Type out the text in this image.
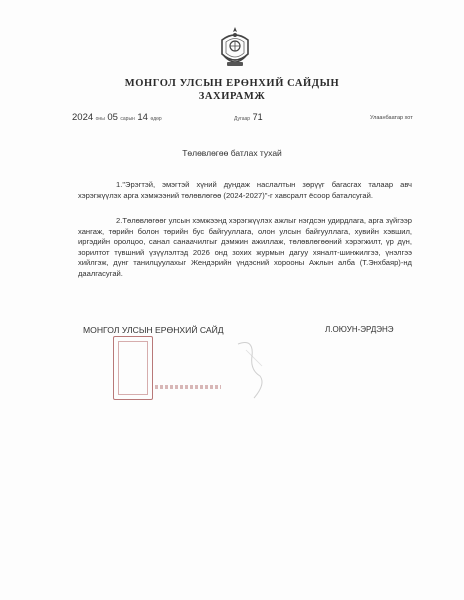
МОНГОЛ УЛСЫН ЕРӨНХИЙ САЙДЫН
ЗАХИРАМЖ
2024 оны 05 сарын 14 өдөр	Дугаар 71	Улаанбаатар хот
Төлөвлөгөө батлах тухай

1."Эрэгтэй, эмэгтэй хүний дундаж наслалтын зөрүүг багасгах талаар авч хэрэгжүүлэх арга хэмжээний төлөвлөгөө (2024-2027)"-г хавсралт ёсоор баталсугай.

2.Төлөвлөгөөг улсын хэмжээнд хэрэгжүүлэх ажлыг нэгдсэн удирдлага, арга зүйгээр хангаж, төрийн болон төрийн бус байгууллага, олон улсын байгууллага, хувийн хэвшил, иргэдийн оролцоо, санал санаачилгыг дэмжин ажиллаж, төлөвлөгөөний хэрэгжилт, үр дүн, зорилтот түвшний үзүүлэлтэд 2026 онд зохих журмын дагуу хяналт-шинжилгээ, үнэлгээ хийлгэж, дүнг танилцуулахыг Жендэрийн үндэсний хорооны Ажлын алба (Т.Энхбаяр)-нд даалгасугай.

МОНГОЛ УЛСЫН ЕРӨНХИЙ САЙД	Л.ОЮУН-ЭРДЭНЭ
